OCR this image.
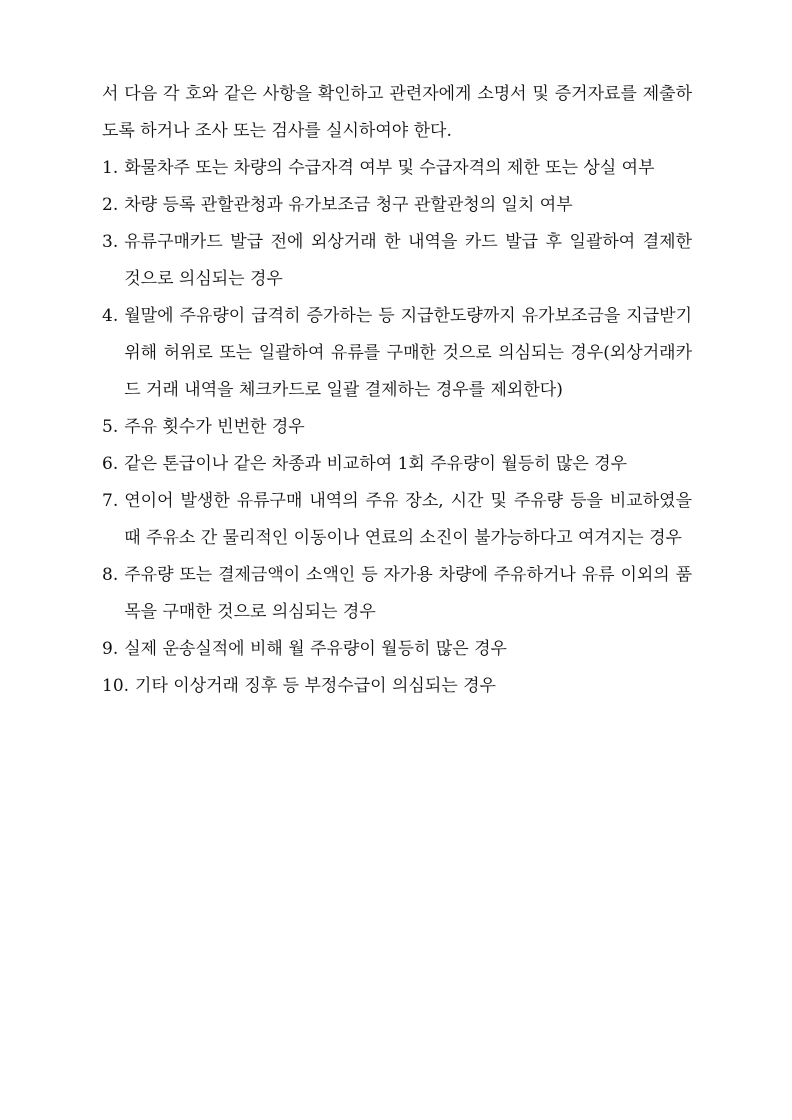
서 다음 각 호와 같은 사항을 확인하고 관련자에게 소명서 및 증거자료를 제출하도록 하거나 조사 또는 검사를 실시하여야 한다.

1. 화물차주 또는 차량의 수급자격 여부 및 수급자격의 제한 또는 상실 여부
2. 차량 등록 관할관청과 유가보조금 청구 관할관청의 일치 여부
3. 유류구매카드 발급 전에 외상거래 한 내역을 카드 발급 후 일괄하여 결제한 것으로 의심되는 경우
4. 월말에 주유량이 급격히 증가하는 등 지급한도량까지 유가보조금을 지급받기 위해 허위로 또는 일괄하여 유류를 구매한 것으로 의심되는 경우(외상거래카드 거래 내역을 체크카드로 일괄 결제하는 경우를 제외한다)
5. 주유 횟수가 빈번한 경우
6. 같은 톤급이나 같은 차종과 비교하여 1회 주유량이 월등히 많은 경우
7. 연이어 발생한 유류구매 내역의 주유 장소, 시간 및 주유량 등을 비교하였을 때 주유소 간 물리적인 이동이나 연료의 소진이 불가능하다고 여겨지는 경우
8. 주유량 또는 결제금액이 소액인 등 자가용 차량에 주유하거나 유류 이외의 품목을 구매한 것으로 의심되는 경우
9. 실제 운송실적에 비해 월 주유량이 월등히 많은 경우
10. 기타 이상거래 징후 등 부정수급이 의심되는 경우
